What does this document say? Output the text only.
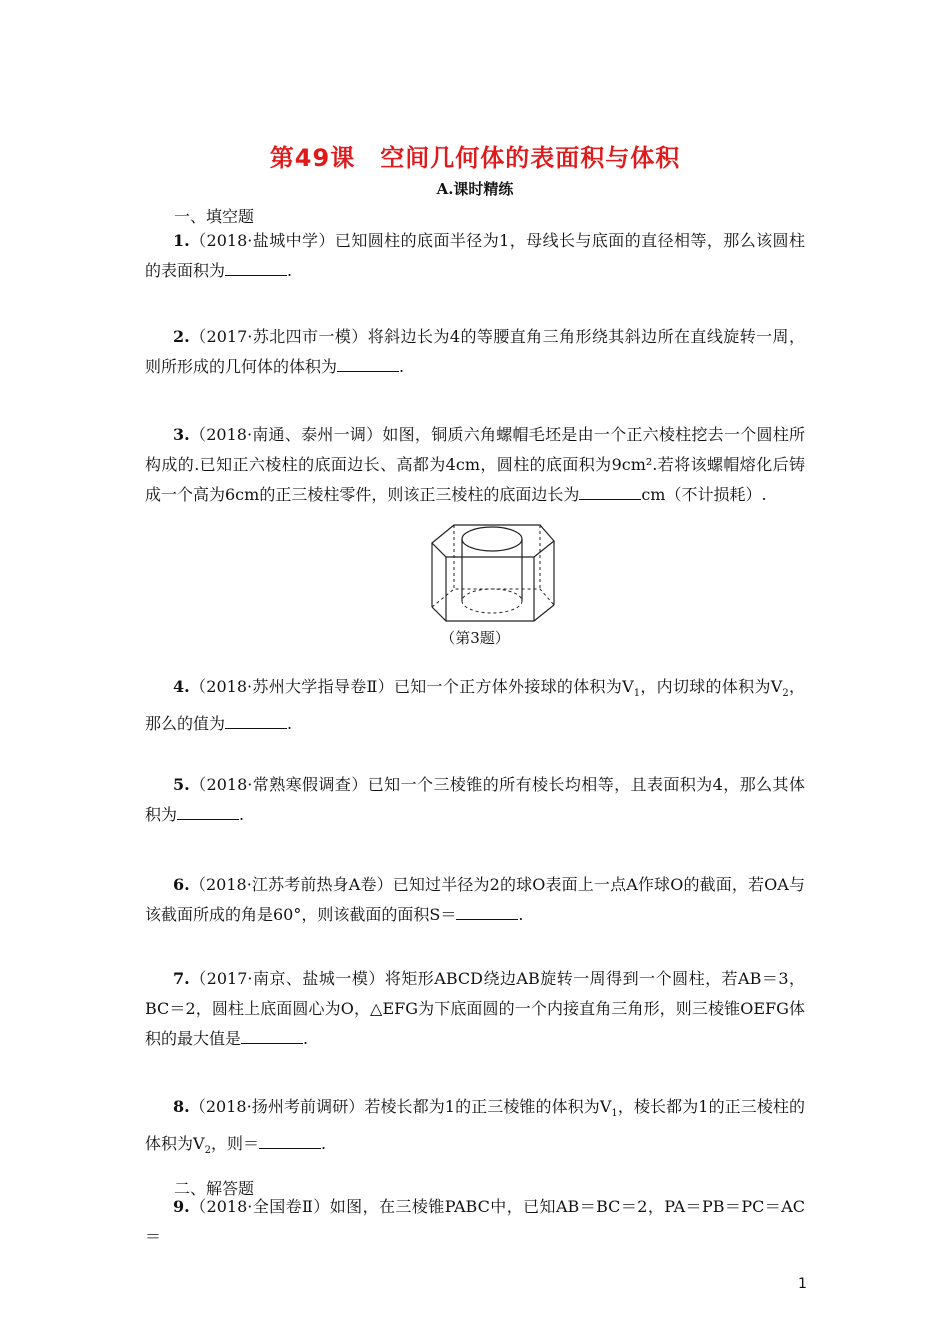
第49课　空间几何体的表面积与体积
A.课时精练
一、填空题
1.（2018·盐城中学）已知圆柱的底面半径为1，母线长与底面的直径相等，那么该圆柱的表面积为	.
2.（2017·苏北四市一模）将斜边长为4的等腰直角三角形绕其斜边所在直线旋转一周，则所形成的几何体的体积为	.
3.（2018·南通、泰州一调）如图，铜质六角螺帽毛坯是由一个正六棱柱挖去一个圆柱所构成的.已知正六棱柱的底面边长、高都为4cm，圆柱的底面积为9cm².若将该螺帽熔化后铸成一个高为6cm的正三棱柱零件，则该正三棱柱的底面边长为	cm（不计损耗）.
（第3题）
4.（2018·苏州大学指导卷Ⅱ）已知一个正方体外接球的体积为$V_1$，内切球的体积为$V_2$，那么的值为	.
5.（2018·常熟寒假调查）已知一个三棱锥的所有棱长均相等，且表面积为4，那么其体积为	.
6.（2018·江苏考前热身A卷）已知过半径为2的球O表面上一点A作球O的截面，若OA与该截面所成的角是60°，则该截面的面积S＝	.
7.（2017·南京、盐城一模）将矩形ABCD绕边AB旋转一周得到一个圆柱，若AB＝3，BC＝2，圆柱上底面圆心为O，△EFG为下底面圆的一个内接直角三角形，则三棱锥OEFG体积的最大值是	.
8.（2018·扬州考前调研）若棱长都为1的正三棱锥的体积为$V_1$，棱长都为1的正三棱柱的体积为$V_2$，则＝	.
二、解答题
9.（2018·全国卷Ⅱ）如图，在三棱锥PABC中，已知AB＝BC＝2，PA＝PB＝PC＝AC＝
1
